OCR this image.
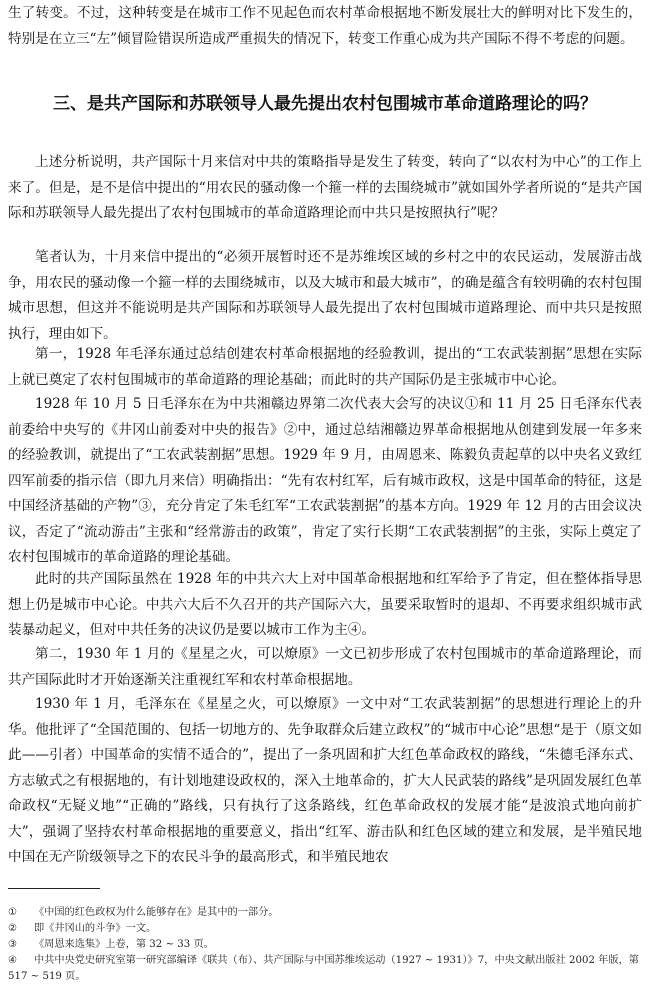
生了转变。不过，这种转变是在城市工作不见起色而农村革命根据地不断发展壮大的鲜明对比下发生的，特别是在立三“左”倾冒险错误所造成严重损失的情况下，转变工作重心成为共产国际不得不考虑的问题。

三、是共产国际和苏联领导人最先提出农村包围城市革命道路理论的吗？

上述分析说明，共产国际十月来信对中共的策略指导是发生了转变，转向了“以农村为中心”的工作上来了。但是，是不是信中提出的“用农民的骚动像一个箍一样的去围绕城市”就如国外学者所说的“是共产国际和苏联领导人最先提出了农村包围城市的革命道路理论而中共只是按照执行”呢？

笔者认为，十月来信中提出的“必须开展暂时还不是苏维埃区域的乡村之中的农民运动，发展游击战争，用农民的骚动像一个箍一样的去围绕城市，以及大城市和最大城市”，的确是蕴含有较明确的农村包围城市思想，但这并不能说明是共产国际和苏联领导人最先提出了农村包围城市道路理论、而中共只是按照执行，理由如下。

第一，1928 年毛泽东通过总结创建农村革命根据地的经验教训，提出的“工农武装割据”思想在实际上就已奠定了农村包围城市的革命道路的理论基础；而此时的共产国际仍是主张城市中心论。

1928 年 10 月 5 日毛泽东在为中共湘赣边界第二次代表大会写的决议①和 11 月 25 日毛泽东代表前委给中央写的《井冈山前委对中央的报告》②中，通过总结湘赣边界革命根据地从创建到发展一年多来的经验教训，就提出了“工农武装割据”思想。1929 年 9 月，由周恩来、陈毅负责起草的以中央名义致红四军前委的指示信（即九月来信）明确指出：“先有农村红军，后有城市政权，这是中国革命的特征，这是中国经济基础的产物”③，充分肯定了朱毛红军“工农武装割据”的基本方向。1929 年 12 月的古田会议决议，否定了“流动游击”主张和“经常游击的政策”，肯定了实行长期“工农武装割据”的主张，实际上奠定了农村包围城市的革命道路的理论基础。

此时的共产国际虽然在 1928 年的中共六大上对中国革命根据地和红军给予了肯定，但在整体指导思想上仍是城市中心论。中共六大后不久召开的共产国际六大，虽要采取暂时的退却、不再要求组织城市武装暴动起义，但对中共任务的决议仍是要以城市工作为主④。

第二，1930 年 1 月的《星星之火，可以燎原》一文已初步形成了农村包围城市的革命道路理论，而共产国际此时才开始逐渐关注重视红军和农村革命根据地。

1930 年 1 月，毛泽东在《星星之火，可以燎原》一文中对“工农武装割据”的思想进行理论上的升华。他批评了“全国范围的、包括一切地方的、先争取群众后建立政权”的“城市中心论”思想“是于（原文如此——引者）中国革命的实情不适合的”，提出了一条巩固和扩大红色革命政权的路线，“朱德毛泽东式、方志敏式之有根据地的，有计划地建设政权的，深入土地革命的，扩大人民武装的路线”是巩固发展红色革命政权“无疑义地”“正确的”路线，只有执行了这条路线，红色革命政权的发展才能“是波浪式地向前扩大”，强调了坚持农村革命根据地的重要意义，指出“红军、游击队和红色区域的建立和发展，是半殖民地中国在无产阶级领导之下的农民斗争的最高形式，和半殖民地农

① 《中国的红色政权为什么能够存在》是其中的一部分。

② 即《井冈山的斗争》一文。

③ 《周恩来选集》上卷，第 32 ~ 33 页。

④ 中共中央党史研究室第一研究部编译《联共（布）、共产国际与中国苏维埃运动（1927 ~ 1931）》7，中央文献出版社 2002 年版，第 517 ~ 519 页。
